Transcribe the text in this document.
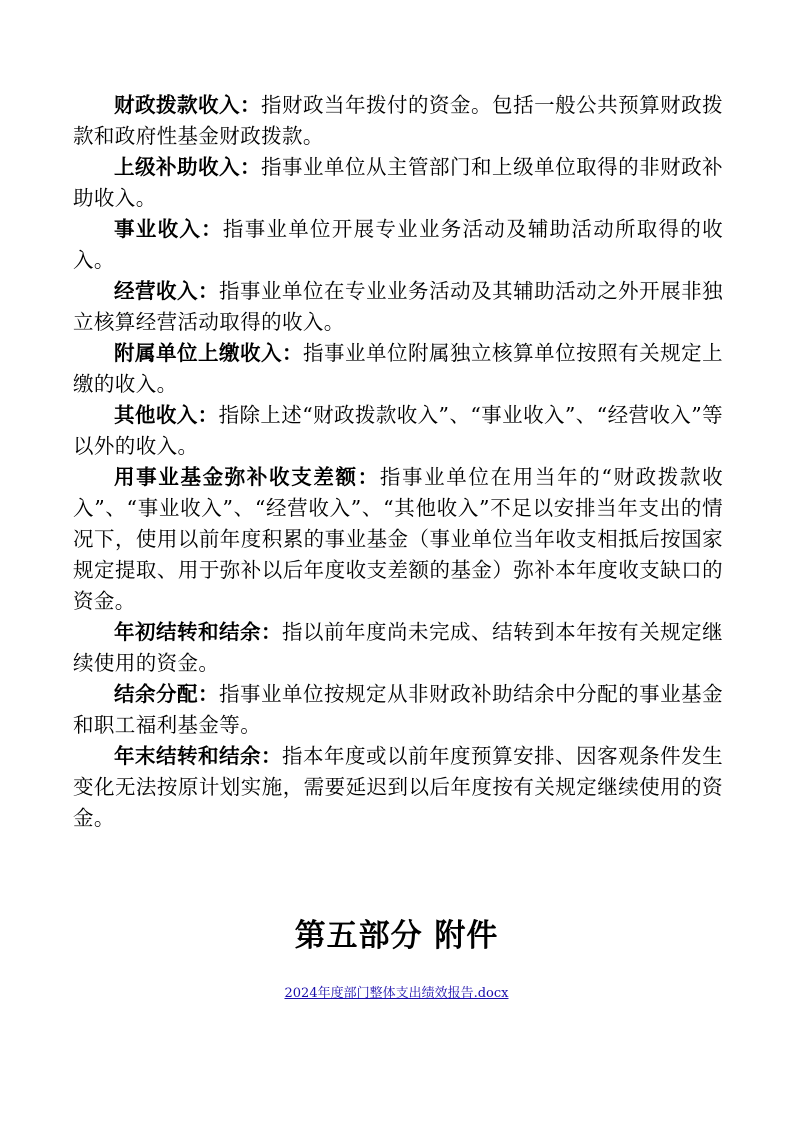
财政拨款收入：指财政当年拨付的资金。包括一般公共预算财政拨款和政府性基金财政拨款。

上级补助收入：指事业单位从主管部门和上级单位取得的非财政补助收入。

事业收入：指事业单位开展专业业务活动及辅助活动所取得的收入。

经营收入：指事业单位在专业业务活动及其辅助活动之外开展非独立核算经营活动取得的收入。

附属单位上缴收入：指事业单位附属独立核算单位按照有关规定上缴的收入。

其他收入：指除上述“财政拨款收入”、“事业收入”、“经营收入”等以外的收入。

用事业基金弥补收支差额：指事业单位在用当年的“财政拨款收入”、“事业收入”、“经营收入”、“其他收入”不足以安排当年支出的情况下，使用以前年度积累的事业基金（事业单位当年收支相抵后按国家规定提取、用于弥补以后年度收支差额的基金）弥补本年度收支缺口的资金。

年初结转和结余：指以前年度尚未完成、结转到本年按有关规定继续使用的资金。

结余分配：指事业单位按规定从非财政补助结余中分配的事业基金和职工福利基金等。

年末结转和结余：指本年度或以前年度预算安排、因客观条件发生变化无法按原计划实施，需要延迟到以后年度按有关规定继续使用的资金。

第五部分 附件
2024年度部门整体支出绩效报告.docx
